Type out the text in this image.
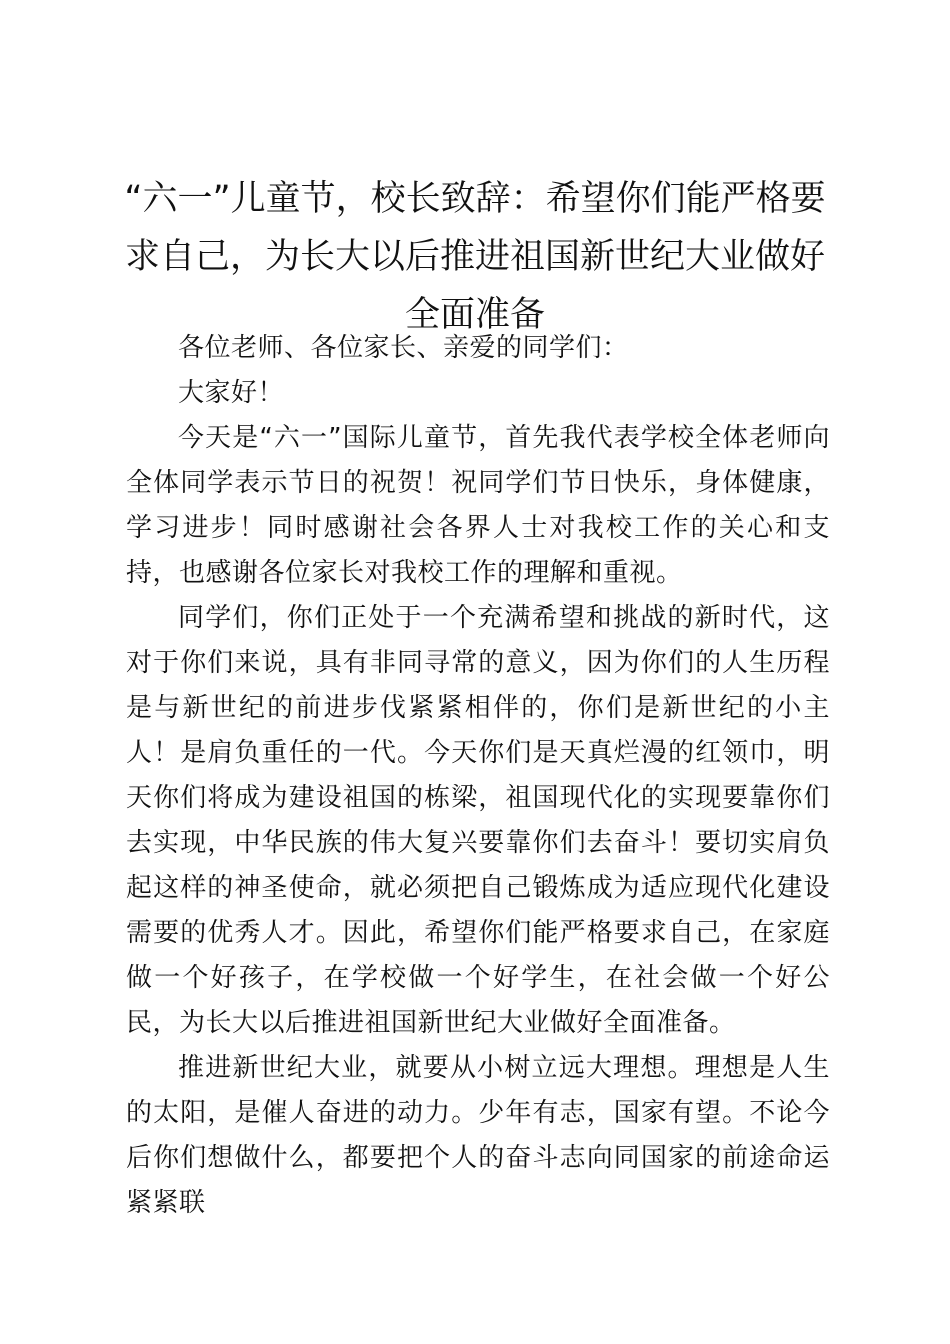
“六一”儿童节，校长致辞：希望你们能严格要求自己，为长大以后推进祖国新世纪大业做好全面准备

各位老师、各位家长、亲爱的同学们：

大家好！

今天是“六一”国际儿童节，首先我代表学校全体老师向全体同学表示节日的祝贺！祝同学们节日快乐，身体健康，学习进步！同时感谢社会各界人士对我校工作的关心和支持，也感谢各位家长对我校工作的理解和重视。

同学们，你们正处于一个充满希望和挑战的新时代，这对于你们来说，具有非同寻常的意义，因为你们的人生历程是与新世纪的前进步伐紧紧相伴的，你们是新世纪的小主人！是肩负重任的一代。今天你们是天真烂漫的红领巾，明天你们将成为建设祖国的栋梁，祖国现代化的实现要靠你们去实现，中华民族的伟大复兴要靠你们去奋斗！要切实肩负起这样的神圣使命，就必须把自己锻炼成为适应现代化建设需要的优秀人才。因此，希望你们能严格要求自己，在家庭做一个好孩子，在学校做一个好学生，在社会做一个好公民，为长大以后推进祖国新世纪大业做好全面准备。

推进新世纪大业，就要从小树立远大理想。理想是人生的太阳，是催人奋进的动力。少年有志，国家有望。不论今后你们想做什么，都要把个人的奋斗志向同国家的前途命运紧紧联
